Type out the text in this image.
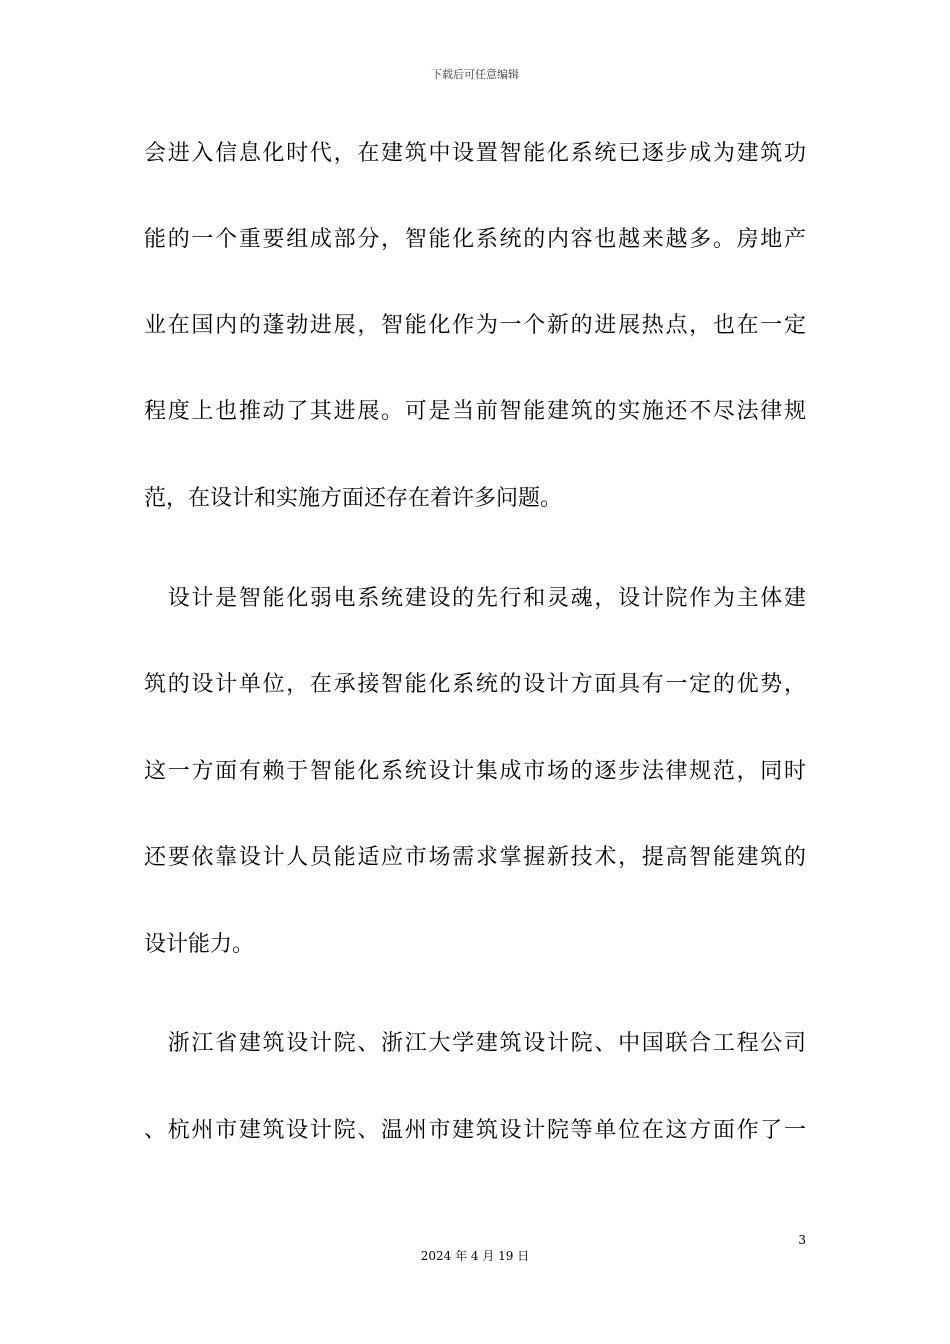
下载后可任意编辑
会进入信息化时代，在建筑中设置智能化系统已逐步成为建筑功
能的一个重要组成部分，智能化系统的内容也越来越多。房地产
业在国内的蓬勃进展，智能化作为一个新的进展热点，也在一定
程度上也推动了其进展。可是当前智能建筑的实施还不尽法律规
范，在设计和实施方面还存在着许多问题。
　设计是智能化弱电系统建设的先行和灵魂，设计院作为主体建
筑的设计单位，在承接智能化系统的设计方面具有一定的优势，
这一方面有赖于智能化系统设计集成市场的逐步法律规范，同时
还要依靠设计人员能适应市场需求掌握新技术，提高智能建筑的
设计能力。
　浙江省建筑设计院、浙江大学建筑设计院、中国联合工程公司
、杭州市建筑设计院、温州市建筑设计院等单位在这方面作了一
3
2024 年 4 月 19 日
